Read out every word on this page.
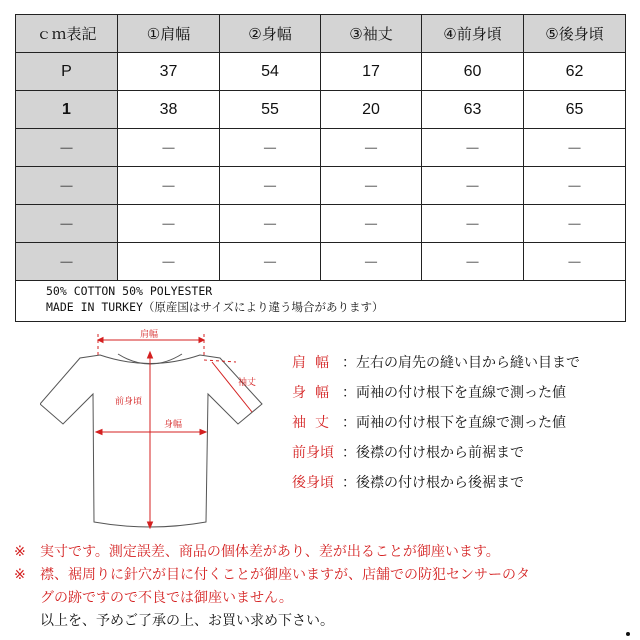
ｃｍ表記	①肩幅	②身幅	③袖丈	④前身頃	⑤後身頃
P	37	54	17	60	62
1	38	55	20	63	65
－	－	－	－	－	－
－	－	－	－	－	－
－	－	－	－	－	－
－	－	－	－	－	－

50% COTTON 50% POLYESTER
MADE IN TURKEY（原産国はサイズにより違う場合があります）					
肩幅
袖丈
前身頃
身幅
肩幅 ：左右の肩先の縫い目から縫い目まで
身幅 ：両袖の付け根下を直線で測った値
袖丈 ：両袖の付け根下を直線で測った値
前身頃 ：後襟の付け根から前裾まで
後身頃 ：後襟の付け根から後裾まで
※ 実寸です。測定誤差、商品の個体差があり、差が出ることが御座います。
※ 襟、裾周りに針穴が目に付くことが御座いますが、店舗での防犯センサーのタ
グの跡ですので不良では御座いません。
以上を、予めご了承の上、お買い求め下さい。
